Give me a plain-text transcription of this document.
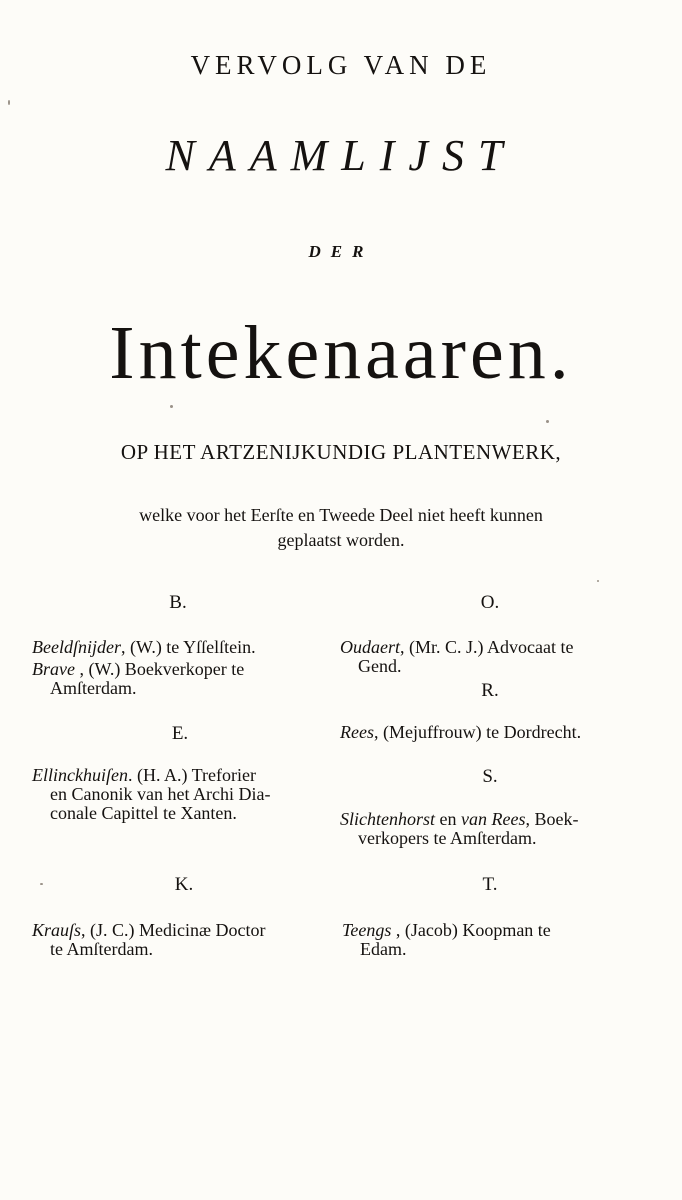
VERVOLG VAN DE
NAAMLIJST
DER
Intekenaaren.
OP HET ARTZENIJKUNDIG PLANTENWERK,
welke voor het Eerſte en Tweede Deel niet heeft kunnen
geplaatst worden.
B.
Beeldſnijder, (W.) te Yſſelſtein.
Brave , (W.) Boekverkoper te
Amſterdam.
E.
Ellinckhuiſen. (H. A.) Treforier
en Canonik van het Archi Dia-
conale Capittel te Xanten.
K.
Krauſs, (J. C.) Medicinæ Doctor
te Amſterdam.
O.
Oudaert, (Mr. C. J.) Advocaat te
Gend.
R.
Rees, (Mejuffrouw) te Dordrecht.
S.
Slichtenhorst en van Rees, Boek-
verkopers te Amſterdam.
T.
Teengs , (Jacob) Koopman te
Edam.
